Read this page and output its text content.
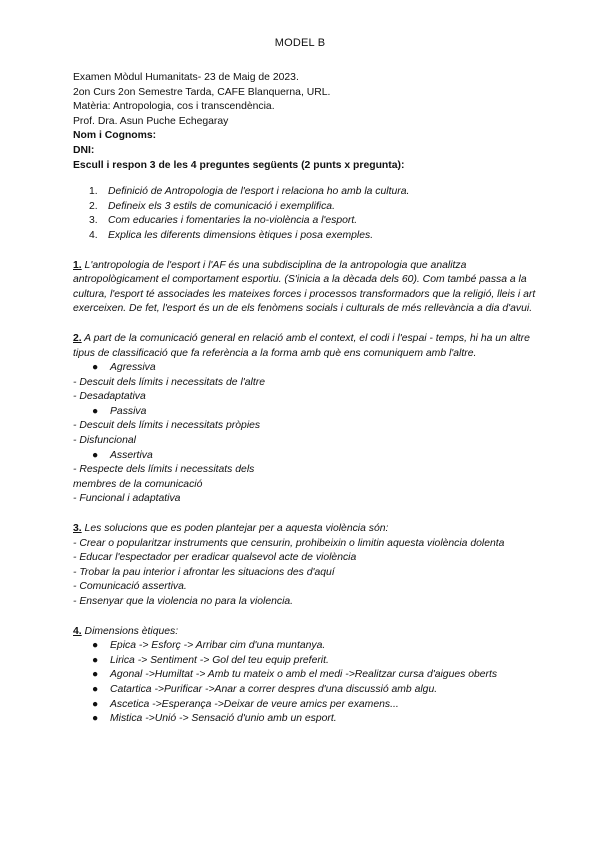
MODEL B
Examen Mòdul Humanitats- 23 de Maig de 2023.
2on Curs 2on Semestre Tarda, CAFE Blanquerna, URL.
Matèria: Antropologia, cos i transcendència.
Prof. Dra. Asun Puche Echegaray
Nom i Cognoms:
DNI:
Escull i respon 3 de les 4 preguntes següents (2 punts x pregunta):
1. Definició de Antropologia de l'esport i relaciona ho amb la cultura.
2. Defineix els 3 estils de comunicació i exemplifica.
3. Com educaries i fomentaries la no-violència a l'esport.
4. Explica les diferents dimensions ètiques i posa exemples.
1. L'antropologia de l'esport i l'AF és una subdisciplina de la antropologia que analitza antropològicament el comportament esportiu. (S'inicia a la dècada dels 60). Com també passa a la cultura, l'esport té associades les mateixes forces i processos transformadors que la religió, lleis i art exerceixen. De fet, l'esport és un de els fenòmens socials i culturals de més rellevància a dia d'avui.
2. A part de la comunicació general en relació amb el context, el codi i l'espai - temps, hi ha un altre tipus de classificació que fa referència a la forma amb què ens comuniquem amb l'altre.
● Agressiva
- Descuit dels límits i necessitats de l'altre
- Desadaptativa
● Passiva
- Descuit dels límits i necessitats pròpies
- Disfuncional
● Assertiva
- Respecte dels límits i necessitats dels
membres de la comunicació
- Funcional i adaptativa
3. Les solucions que es poden plantejar per a aquesta violència són:
- Crear o popularitzar instruments que censurin, prohibeixin o limitin aquesta violència dolenta
- Educar l'espectador per eradicar qualsevol acte de violència
- Trobar la pau interior i afrontar les situacions des d'aquí
- Comunicació assertiva.
- Ensenyar que la violencia no para la violencia.
4. Dimensions ètiques:
● Epica -> Esforç -> Arribar cim d'una muntanya.
● Lirica -> Sentiment -> Gol del teu equip preferit.
● Agonal ->Humiltat -> Amb tu mateix o amb el medi ->Realitzar cursa d'aigues oberts
● Catartica ->Purificar ->Anar a correr despres d'una discussió amb algu.
● Ascetica ->Esperança ->Deixar de veure amics per examens...
● Mistica ->Unió -> Sensació d'unio amb un esport.
